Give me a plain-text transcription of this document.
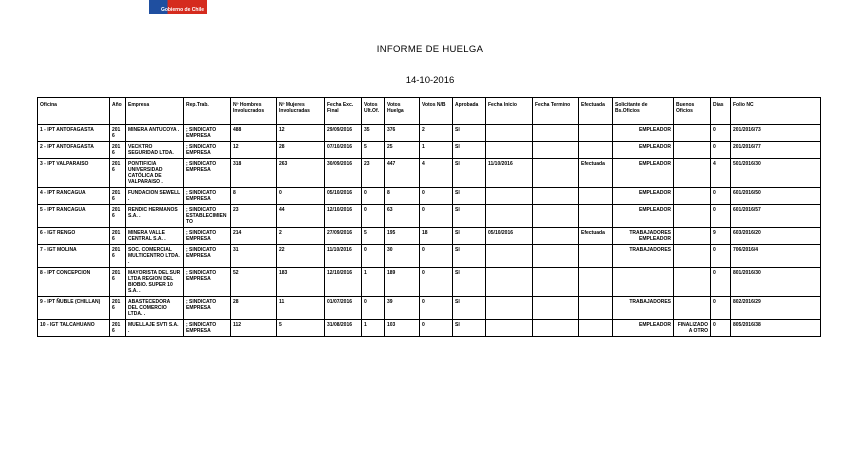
Gobierno de Chile
INFORME DE HUELGA
14-10-2016
Oficina	Año	Empresa	Rep.Trab.	Nº Hombres Involucrados	Nº Mujeres Involucradas	Fecha Exc. Final	Votos Ult.Of.	Votos Huelga	Votos N/B	Aprobada	Fecha Inicio	Fecha Termino	Efectuada	Solicitante de Bs.Oficios	Buenos Oficios	Días	Folio NC
1 - IPT ANTOFAGASTA	2016	MINERA ANTUCOYA .	; SINDICATO EMPRESA	488	12	29/09/2016	35	376	2	SI				EMPLEADOR		0	201/2016/73
2 - IPT ANTOFAGASTA	2016	VECKTRO SEGURIDAD LTDA.	; SINDICATO EMPRESA	12	28	07/10/2016	5	25	1	SI				EMPLEADOR		0	201/2016/77
3 - IPT VALPARAISO	2016	PONTIFICIA UNIVERSIDAD CATÓLICA DE VALPARAISO .	; SINDICATO EMPRESA	318	263	30/09/2016	23	447	4	SI	11/10/2016		Efectuada	EMPLEADOR		4	501/2016/30
4 - IPT RANCAGUA	2016	FUNDACION SEWELL .	; SINDICATO EMPRESA	8	0	05/10/2016	0	8	0	SI				EMPLEADOR		0	601/2016/50
5 - IPT RANCAGUA	2016	RENDIC HERMANOS S.A. .	; SINDICATO ESTABLECIMIENTO	23	44	12/10/2016	0	63	0	SI				EMPLEADOR		0	601/2016/57
6 - IGT RENGO	2016	MINERA VALLE CENTRAL S.A. .	; SINDICATO EMPRESA	214	2	27/09/2016	5	195	18	SI	05/10/2016		Efectuada	TRABAJADORES EMPLEADOR		9	603/2016/20
7 - IGT MOLINA	2016	SOC. COMERCIAL MULTICENTRO LTDA. .	; SINDICATO EMPRESA	31	22	11/10/2016	0	30	0	SI				TRABAJADORES		0	706/2016/4
8 - IPT CONCEPCION	2016	MAYORISTA DEL SUR LTDA REGION DEL BIOBIO. SUPER 10 S.A. .	; SINDICATO EMPRESA	52	183	12/10/2016	1	189	0	SI						0	801/2016/30
9 - IPT ÑUBLE (CHILLAN)	2016	ABASTECEDORA DEL COMERCIO LTDA. .	; SINDICATO EMPRESA	28	11	01/07/2016	0	39	0	SI				TRABAJADORES		0	802/2016/29
10 - IGT TALCAHUANO	2016	MUELLAJE SVTI S.A. .	; SINDICATO EMPRESA	112	5	31/08/2016	1	103	0	SI				EMPLEADOR	FINALIZADO A OTRO	0	805/2016/38
